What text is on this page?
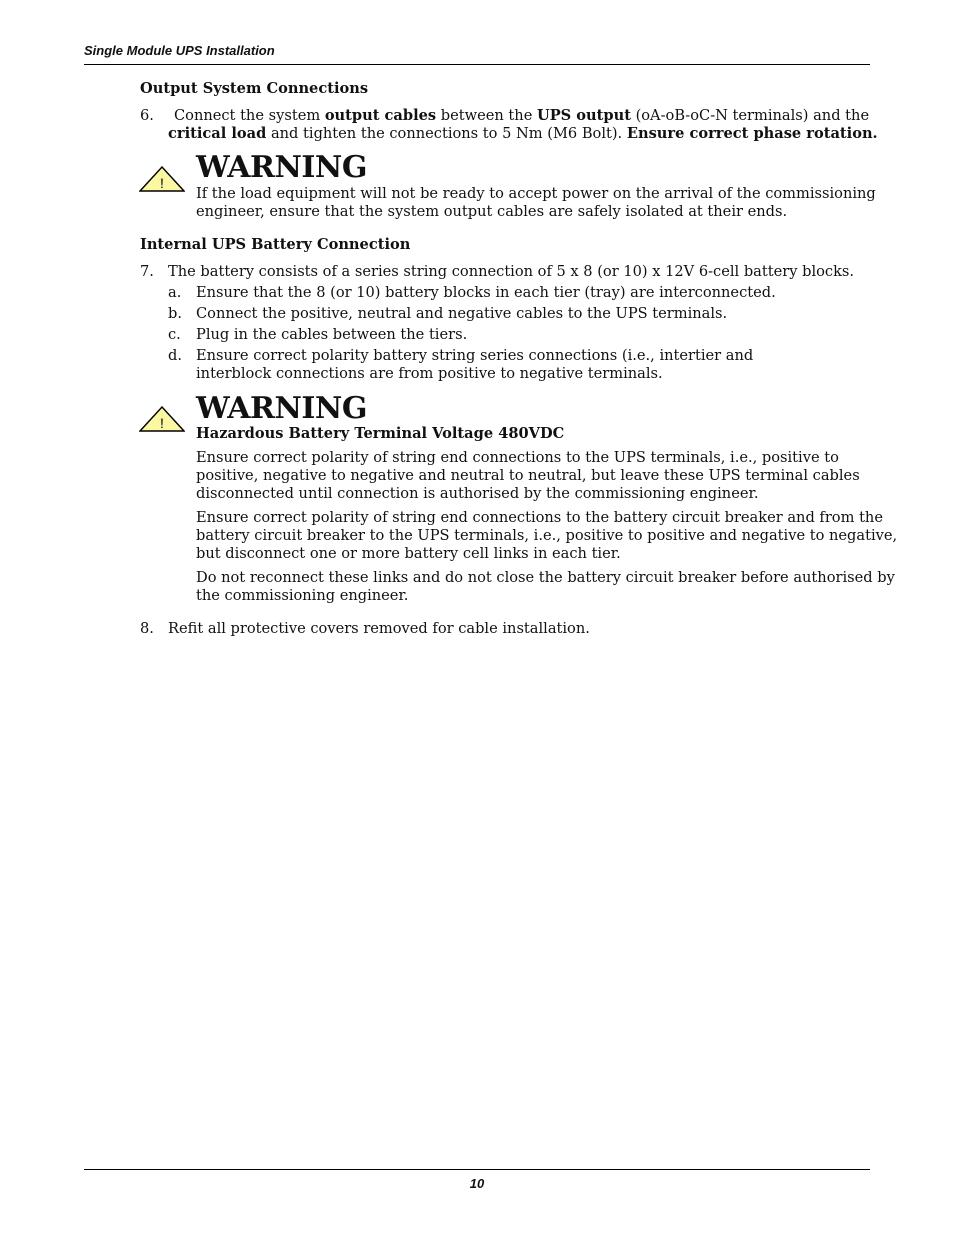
Single Module UPS Installation
Output System Connections
6. Connect the system output cables between the UPS output (oA-oB-oC-N terminals) and the
critical load and tighten the connections to 5 Nm (M6 Bolt). Ensure correct phase rotation.
! WARNING
If the load equipment will not be ready to accept power on the arrival of the commissioning
engineer, ensure that the system output cables are safely isolated at their ends.
Internal UPS Battery Connection
7. The battery consists of a series string connection of 5 x 8 (or 10) x 12V 6-cell battery blocks.
a. Ensure that the 8 (or 10) battery blocks in each tier (tray) are interconnected.
b. Connect the positive, neutral and negative cables to the UPS terminals.
c. Plug in the cables between the tiers.
d. Ensure correct polarity battery string series connections (i.e., intertier and
interblock connections are from positive to negative terminals.
! WARNING
Hazardous Battery Terminal Voltage 480VDC
Ensure correct polarity of string end connections to the UPS terminals, i.e., positive to
positive, negative to negative and neutral to neutral, but leave these UPS terminal cables
disconnected until connection is authorised by the commissioning engineer.
Ensure correct polarity of string end connections to the battery circuit breaker and from the
battery circuit breaker to the UPS terminals, i.e., positive to positive and negative to negative,
but disconnect one or more battery cell links in each tier.
Do not reconnect these links and do not close the battery circuit breaker before authorised by
the commissioning engineer.
8. Refit all protective covers removed for cable installation.
10
